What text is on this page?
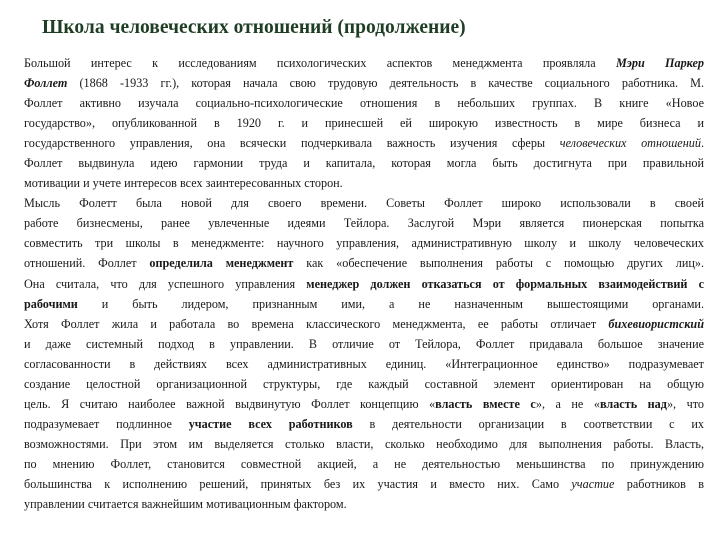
Школа человеческих отношений (продолжение)
Большой интерес к исследованиям психологических аспектов менеджмента проявляла Мэри Паркер
Фоллет (1868 -1933 гг.), которая начала свою трудовую деятельность в качестве социального работника. М.
Фоллет активно изучала социально-психологические отношения в небольших группах. В книге «Новое
государство», опубликованной в 1920 г. и принесшей ей широкую известность в мире бизнеса и
государственного управления, она всячески подчеркивала важность изучения сферы человеческих отношений.
Фоллет выдвинула идею гармонии труда и капитала, которая могла быть достигнута при правильной
мотивации и учете интересов всех заинтересованных сторон.
Мысль Фолетт была новой для своего времени. Советы Фоллет широко использовали в своей
работе бизнесмены, ранее увлеченные идеями Тейлора. Заслугой Мэри является пионерская попытка
совместить три школы в менеджменте: научного управления, административную школу и школу человеческих
отношений. Фоллет определила менеджмент как «обеспечение выполнения работы с помощью других лиц».
Она считала, что для успешного управления менеджер должен отказаться от формальных взаимодействий с
рабочими и быть лидером, признанным ими, а не назначенным вышестоящими органами.
Хотя Фоллет жила и работала во времена классического менеджмента, ее работы отличает бихевиористский
и даже системный подход в управлении. В отличие от Тейлора, Фоллет придавала большое значение
согласованности в действиях всех административных единиц. «Интеграционное единство» подразумевает
создание целостной организационной структуры, где каждый составной элемент ориентирован на общую
цель. Я считаю наиболее важной выдвинутую Фоллет концепцию «власть вместе с», а не «власть над», что
подразумевает подлинное участие всех работников в деятельности организации в соответствии с их
возможностями. При этом им выделяется столько власти, сколько необходимо для выполнения работы. Власть,
по мнению Фоллет, становится совместной акцией, а не деятельностью меньшинства по принуждению
большинства к исполнению решений, принятых без их участия и вместо них. Само участие работников в
управлении считается важнейшим мотивационным фактором.
